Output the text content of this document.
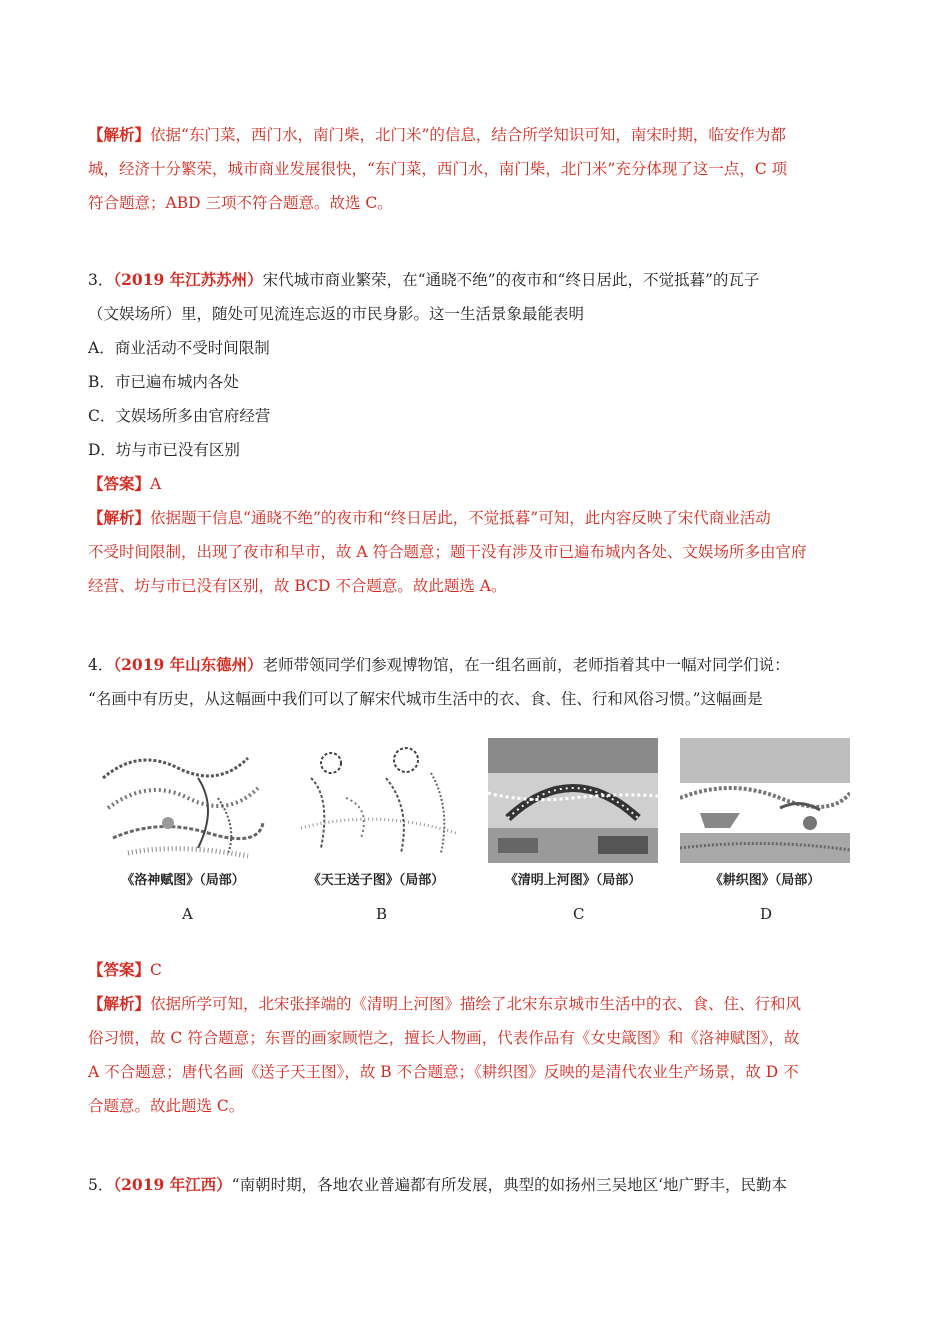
【解析】依据“东门菜，西门水，南门柴，北门米”的信息，结合所学知识可知，南宋时期，临安作为都
城，经济十分繁荣，城市商业发展很快，“东门菜，西门水，南门柴，北门米”充分体现了这一点，C 项
符合题意；ABD 三项不符合题意。故选 C。
3．（2019 年江苏苏州）宋代城市商业繁荣，在“通晓不绝”的夜市和“终日居此，不觉抵暮”的瓦子
（文娱场所）里，随处可见流连忘返的市民身影。这一生活景象最能表明
A．商业活动不受时间限制
B．市已遍布城内各处
C．文娱场所多由官府经营
D．坊与市已没有区别
【答案】A
【解析】依据题干信息“通晓不绝”的夜市和“终日居此，不觉抵暮”可知，此内容反映了宋代商业活动
不受时间限制，出现了夜市和早市，故 A 符合题意；题干没有涉及市已遍布城内各处、文娱场所多由官府
经营、坊与市已没有区别，故 BCD 不合题意。故此题选 A。
4．（2019 年山东德州）老师带领同学们参观博物馆，在一组名画前，老师指着其中一幅对同学们说：
“名画中有历史，从这幅画中我们可以了解宋代城市生活中的衣、食、住、行和风俗习惯。”这幅画是
《洛神赋图》（局部）	《天王送子图》（局部）	《清明上河图》（局部）	《耕织图》（局部）
A	B	C	D
【答案】C
【解析】依据所学可知，北宋张择端的《清明上河图》描绘了北宋东京城市生活中的衣、食、住、行和风
俗习惯，故 C 符合题意；东晋的画家顾恺之，擅长人物画，代表作品有《女史箴图》和《洛神赋图》，故
A 不合题意；唐代名画《送子天王图》，故 B 不合题意；《耕织图》反映的是清代农业生产场景，故 D 不
合题意。故此题选 C。
5．（2019 年江西）“南朝时期，各地农业普遍都有所发展，典型的如扬州三吴地区‘地广野丰，民勤本
